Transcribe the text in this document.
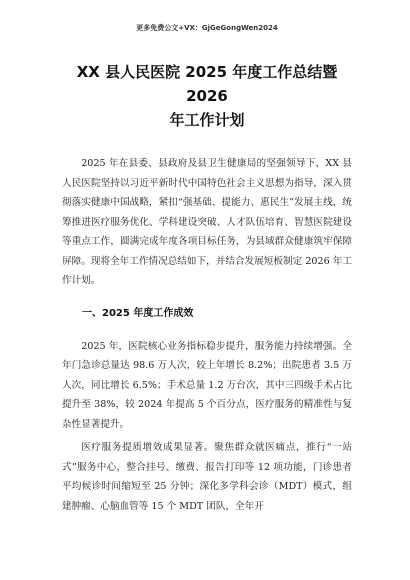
更多免费公文+VX：GjGeGongWen2024
XX 县人民医院 2025 年度工作总结暨 2026
年工作计划

2025 年在县委、县政府及县卫生健康局的坚强领导下，XX 县人民医院坚持以习近平新时代中国特色社会主义思想为指导，深入贯彻落实健康中国战略，紧扣“强基础、提能力、惠民生”发展主线，统筹推进医疗服务优化、学科建设突破、人才队伍培育、智慧医院建设等重点工作，圆满完成年度各项目标任务，为县域群众健康筑牢保障屏障。现将全年工作情况总结如下，并结合发展短板制定 2026 年工作计划。

一、2025 年度工作成效

2025 年，医院核心业务指标稳步提升，服务能力持续增强。全年门急诊总量达 98.6 万人次，较上年增长 8.2%；出院患者 3.5 万人次，同比增长 6.5%；手术总量 1.2 万台次，其中三四级手术占比提升至 38%，较 2024 年提高 5 个百分点，医疗服务的精准性与复杂性显著提升。

医疗服务提质增效成果显著。聚焦群众就医痛点，推行“一站式”服务中心，整合挂号、缴费、报告打印等 12 项功能，门诊患者平均候诊时间缩短至 25 分钟；深化多学科会诊（MDT）模式，组建肿瘤、心脑血管等 15 个 MDT 团队，全年开
